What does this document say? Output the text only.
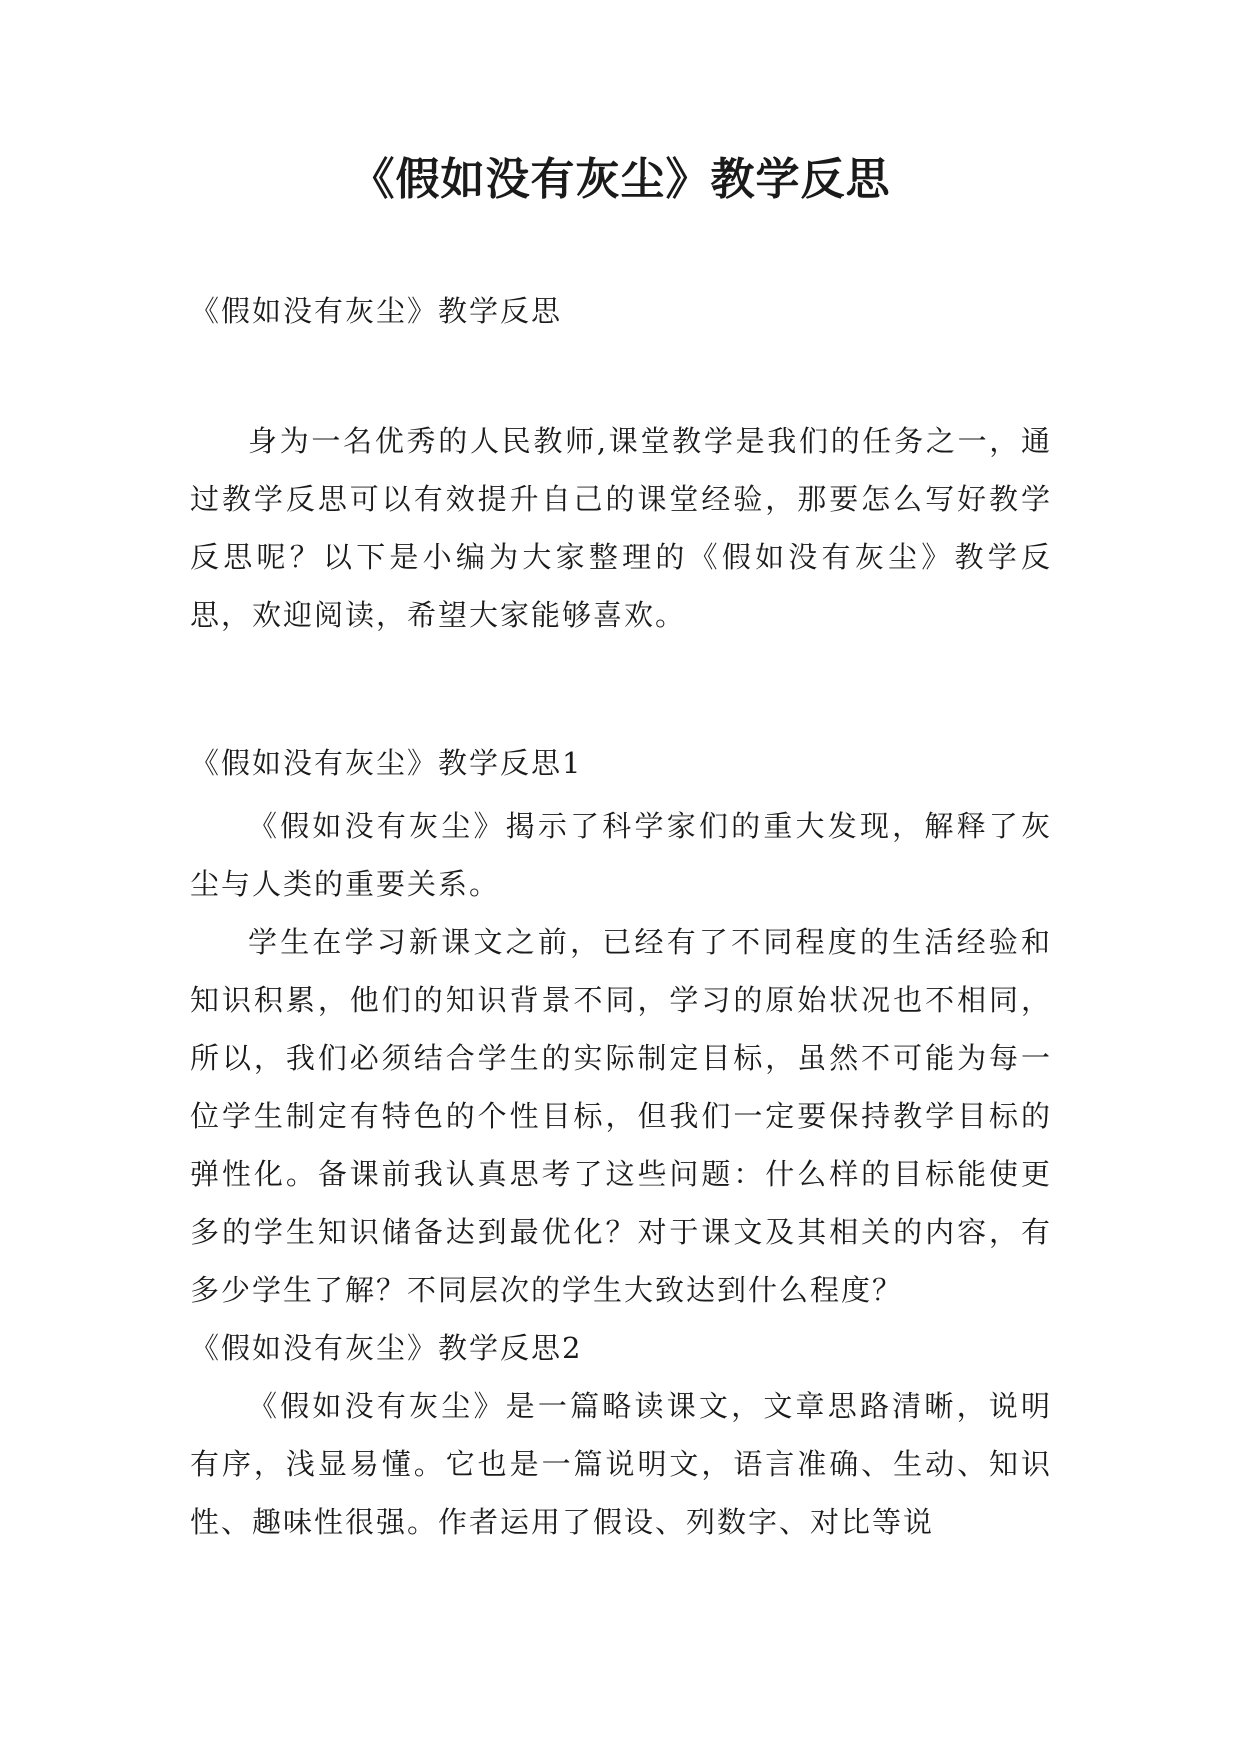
《假如没有灰尘》教学反思

《假如没有灰尘》教学反思

身为一名优秀的人民教师,课堂教学是我们的任务之一，通过教学反思可以有效提升自己的课堂经验，那要怎么写好教学反思呢？以下是小编为大家整理的《假如没有灰尘》教学反思，欢迎阅读，希望大家能够喜欢。

《假如没有灰尘》教学反思1

《假如没有灰尘》揭示了科学家们的重大发现，解释了灰尘与人类的重要关系。

学生在学习新课文之前，已经有了不同程度的生活经验和知识积累，他们的知识背景不同，学习的原始状况也不相同，所以，我们必须结合学生的实际制定目标，虽然不可能为每一位学生制定有特色的个性目标，但我们一定要保持教学目标的弹性化。备课前我认真思考了这些问题：什么样的目标能使更多的学生知识储备达到最优化？对于课文及其相关的内容，有多少学生了解？不同层次的学生大致达到什么程度？

《假如没有灰尘》教学反思2

《假如没有灰尘》是一篇略读课文，文章思路清晰，说明有序，浅显易懂。它也是一篇说明文，语言准确、生动、知识性、趣味性很强。作者运用了假设、列数字、对比等说
